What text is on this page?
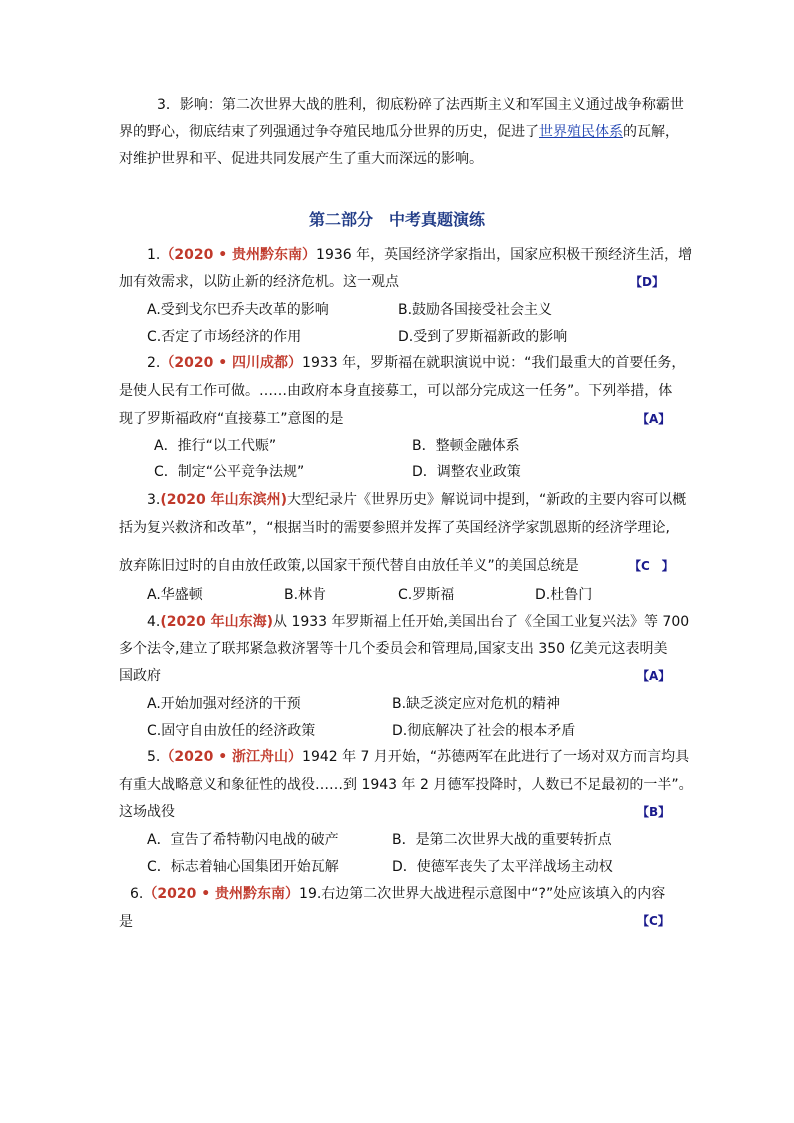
3．影响：第二次世界大战的胜利，彻底粉碎了法西斯主义和军国主义通过战争称霸世
界的野心，彻底结束了列强通过争夺殖民地瓜分世界的历史，促进了世界殖民体系的瓦解，
对维护世界和平、促进共同发展产生了重大而深远的影响。
第二部分　中考真题演练
1.（2020 • 贵州黔东南）1936 年，英国经济学家指出，国家应积极干预经济生活，增
加有效需求，以防止新的经济危机。这一观点	【D】
A.受到戈尔巴乔夫改革的影响	B.鼓励各国接受社会主义
C.否定了市场经济的作用	D.受到了罗斯福新政的影响
2.（2020 • 四川成都）1933 年，罗斯福在就职演说中说：“我们最重大的首要任务，
是使人民有工作可做。……由政府本身直接募工，可以部分完成这一任务”。下列举措，体
现了罗斯福政府“直接募工”意图的是	【A】
A．推行“以工代赈”	B．整顿金融体系
C．制定“公平竞争法规”	D．调整农业政策
3.(2020 年山东滨州)大型纪录片《世界历史》解说词中提到，“新政的主要内容可以概
括为复兴救济和改革”，“根据当时的需要参照并发挥了英国经济学家凯恩斯的经济学理论,
放弃陈旧过时的自由放任政策,以国家干预代替自由放任羊义”的美国总统是	【C　】
A.华盛顿	B.林肯	C.罗斯福	D.杜鲁门
4.(2020 年山东海)从 1933 年罗斯福上任开始,美国出台了《全国工业复兴法》等 700
多个法令,建立了联邦紧急救济署等十几个委员会和管理局,国家支出 350 亿美元这表明美
国政府	【A】
A.开始加强对经济的干预	B.缺乏淡定应对危机的精神
C.固守自由放任的经济政策	D.彻底解决了社会的根本矛盾
5.（2020 • 浙江舟山）1942 年 7 月开始，“苏德两军在此进行了一场对双方而言均具
有重大战略意义和象征性的战役……到 1943 年 2 月德军投降时，人数已不足最初的一半”。
这场战役	【B】
A．宣告了希特勒闪电战的破产	B．是第二次世界大战的重要转折点
C．标志着轴心国集团开始瓦解	D．使德军丧失了太平洋战场主动权
6.（2020 • 贵州黔东南）19.右边第二次世界大战进程示意图中“?”处应该填入的内容
是	【C】
